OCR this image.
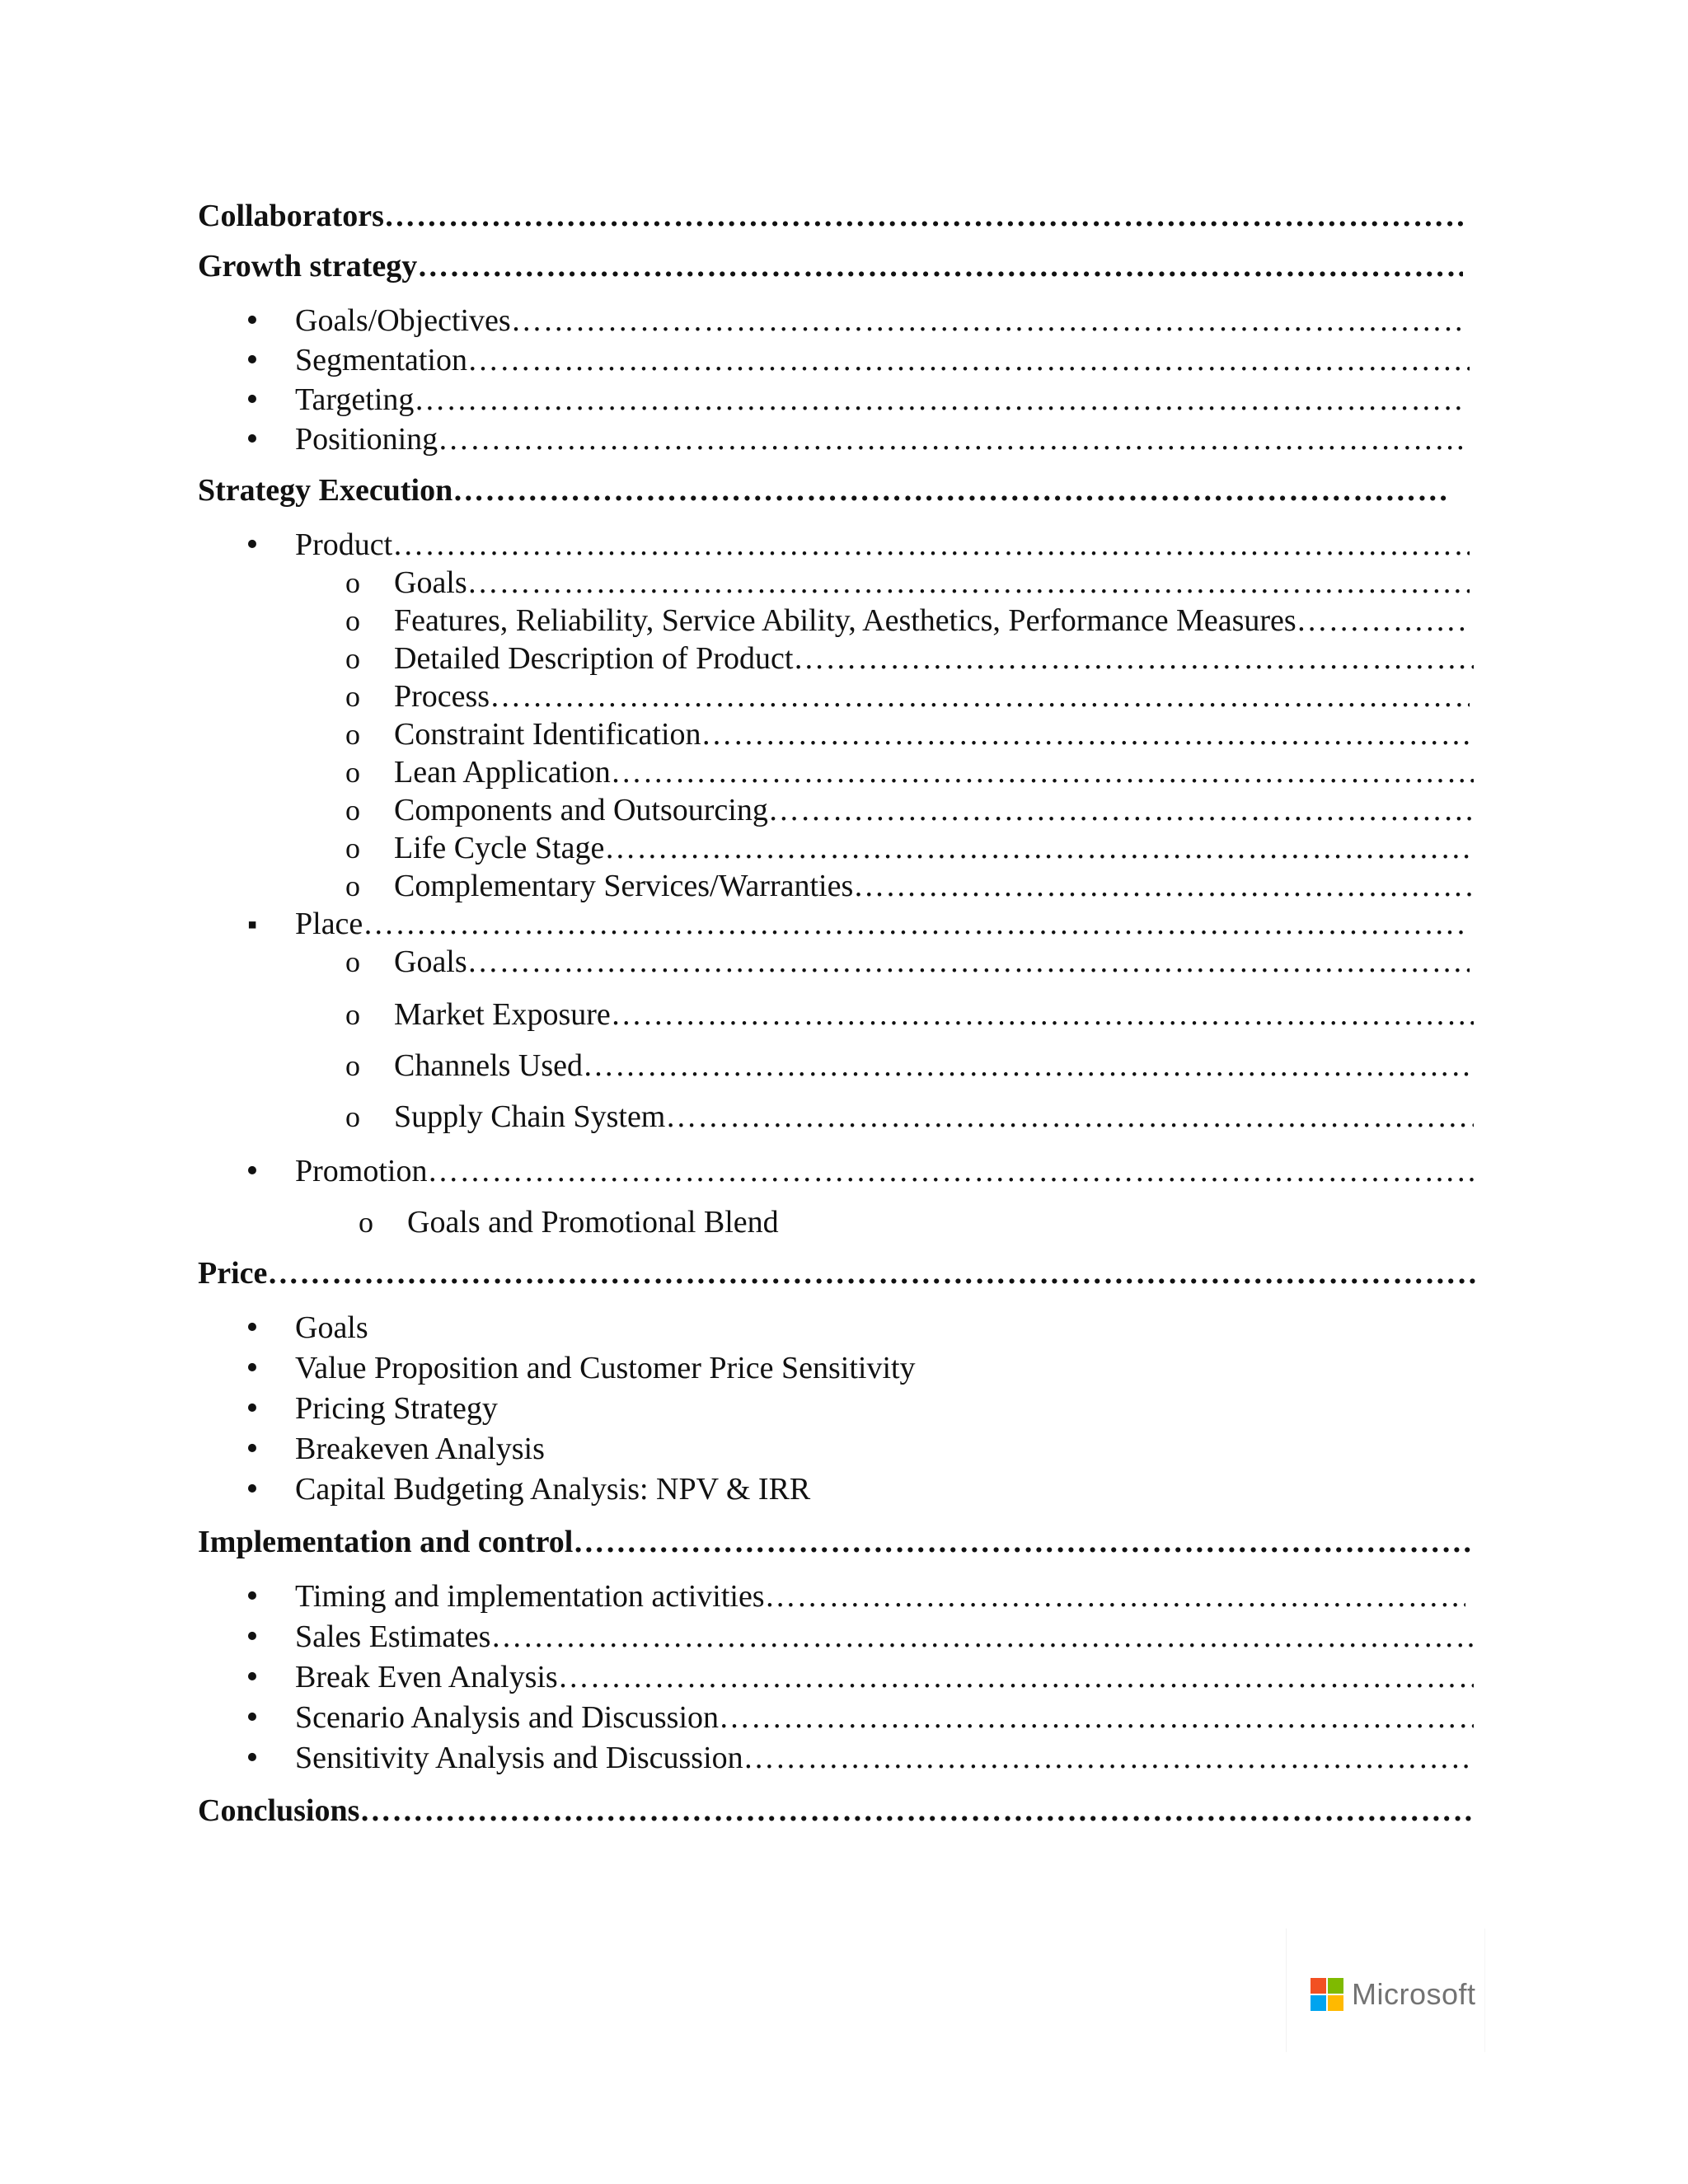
Collaborators
………………………………………………………………………………………………………………………………………………………………………………………………
Growth strategy
………………………………………………………………………………………………………………………………………………………………………………………………
•
Goals/Objectives
………………………………………………………………………………………………………………………………………………………………………………………………
•
Segmentation
………………………………………………………………………………………………………………………………………………………………………………………………
•
Targeting
………………………………………………………………………………………………………………………………………………………………………………………………
•
Positioning
………………………………………………………………………………………………………………………………………………………………………………………………
Strategy Execution
………………………………………………………………………………………………………………………………………………………………………………………………
•
Product
………………………………………………………………………………………………………………………………………………………………………………………………
o
Goals
………………………………………………………………………………………………………………………………………………………………………………………………
o
Features, Reliability, Service Ability, Aesthetics, Performance Measures
………………………………………………………………………………………………………………………………………………………………………………………………
o
Detailed Description of Product
………………………………………………………………………………………………………………………………………………………………………………………………
o
Process
………………………………………………………………………………………………………………………………………………………………………………………………
o
Constraint Identification
………………………………………………………………………………………………………………………………………………………………………………………………
o
Lean Application
………………………………………………………………………………………………………………………………………………………………………………………………
o
Components and Outsourcing
………………………………………………………………………………………………………………………………………………………………………………………………
o
Life Cycle Stage
………………………………………………………………………………………………………………………………………………………………………………………………
o
Complementary Services/Warranties
………………………………………………………………………………………………………………………………………………………………………………………………
▪
Place
………………………………………………………………………………………………………………………………………………………………………………………………
o
Goals
………………………………………………………………………………………………………………………………………………………………………………………………
o
Market Exposure
………………………………………………………………………………………………………………………………………………………………………………………………
o
Channels Used
………………………………………………………………………………………………………………………………………………………………………………………………
o
Supply Chain System
………………………………………………………………………………………………………………………………………………………………………………………………
•
Promotion
………………………………………………………………………………………………………………………………………………………………………………………………
o
Goals and Promotional Blend
Price
………………………………………………………………………………………………………………………………………………………………………………………………
•
Goals
•
Value Proposition and Customer Price Sensitivity
•
Pricing Strategy
•
Breakeven Analysis
•
Capital Budgeting Analysis: NPV & IRR
Implementation and control
………………………………………………………………………………………………………………………………………………………………………………………………
•
Timing and implementation activities
………………………………………………………………………………………………………………………………………………………………………………………………
•
Sales Estimates
………………………………………………………………………………………………………………………………………………………………………………………………
•
Break Even Analysis
………………………………………………………………………………………………………………………………………………………………………………………………
•
Scenario Analysis and Discussion
………………………………………………………………………………………………………………………………………………………………………………………………
•
Sensitivity Analysis and Discussion
………………………………………………………………………………………………………………………………………………………………………………………………
Conclusions
………………………………………………………………………………………………………………………………………………………………………………………………
Microsoft
